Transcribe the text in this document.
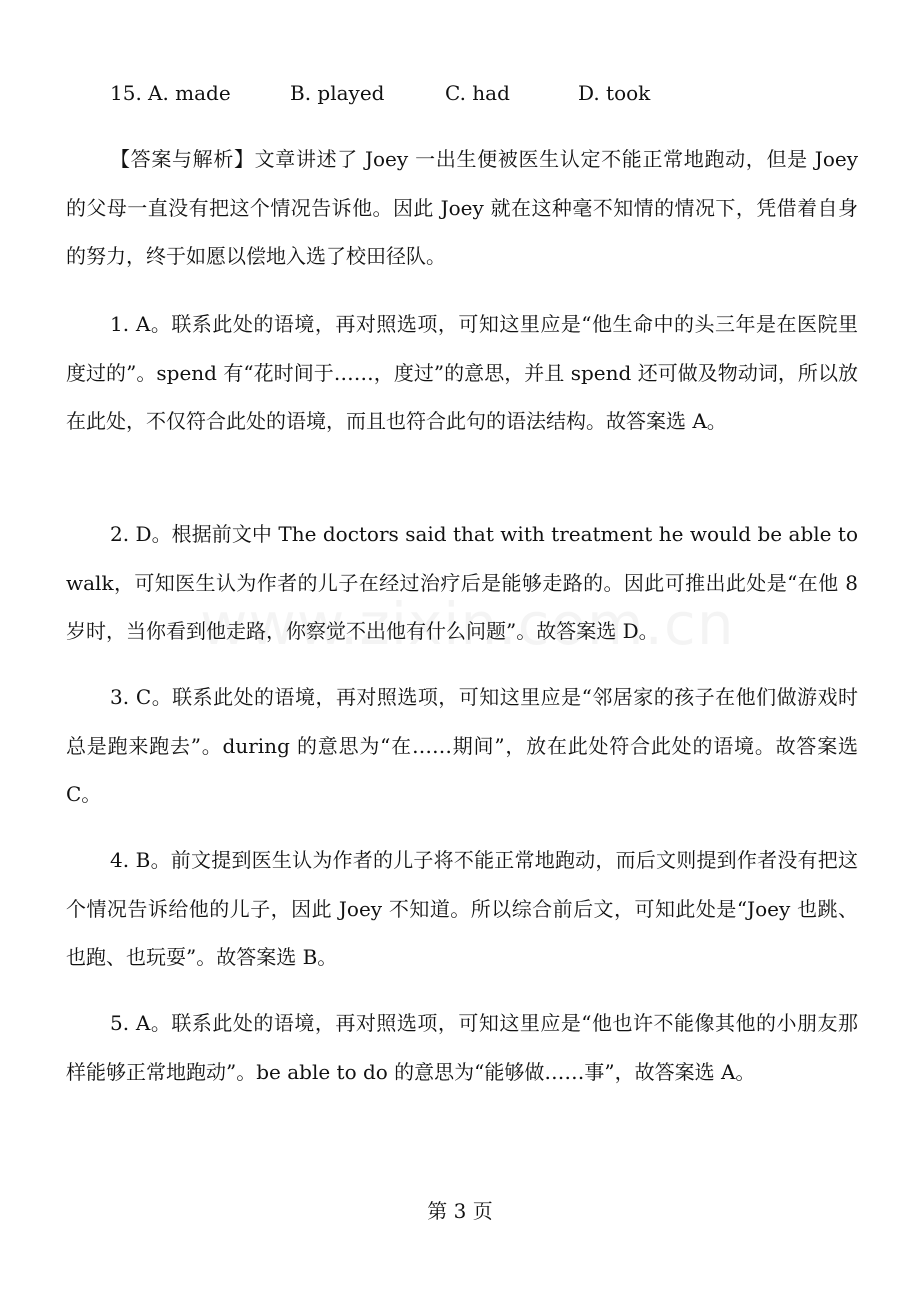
15. A. made	B. played	C. had	D. took

【答案与解析】文章讲述了 Joey 一出生便被医生认定不能正常地跑动，但是 Joey 的父母一直没有把这个情况告诉他。因此 Joey 就在这种毫不知情的情况下，凭借着自身的努力，终于如愿以偿地入选了校田径队。

1. A。联系此处的语境，再对照选项，可知这里应是“他生命中的头三年是在医院里度过的”。spend 有“花时间于……，度过”的意思，并且 spend 还可做及物动词，所以放在此处，不仅符合此处的语境，而且也符合此句的语法结构。故答案选 A。

2. D。根据前文中 The doctors said that with treatment he would be able to walk，可知医生认为作者的儿子在经过治疗后是能够走路的。因此可推出此处是“在他 8 岁时，当你看到他走路，你察觉不出他有什么问题”。故答案选 D。

3. C。联系此处的语境，再对照选项，可知这里应是“邻居家的孩子在他们做游戏时总是跑来跑去”。during 的意思为“在……期间”，放在此处符合此处的语境。故答案选 C。

4. B。前文提到医生认为作者的儿子将不能正常地跑动，而后文则提到作者没有把这个情况告诉给他的儿子，因此 Joey 不知道。所以综合前后文，可知此处是“Joey 也跳、也跑、也玩耍”。故答案选 B。

5. A。联系此处的语境，再对照选项，可知这里应是“他也许不能像其他的小朋友那样能够正常地跑动”。be able to do 的意思为“能够做……事”，故答案选 A。

第 3 页
